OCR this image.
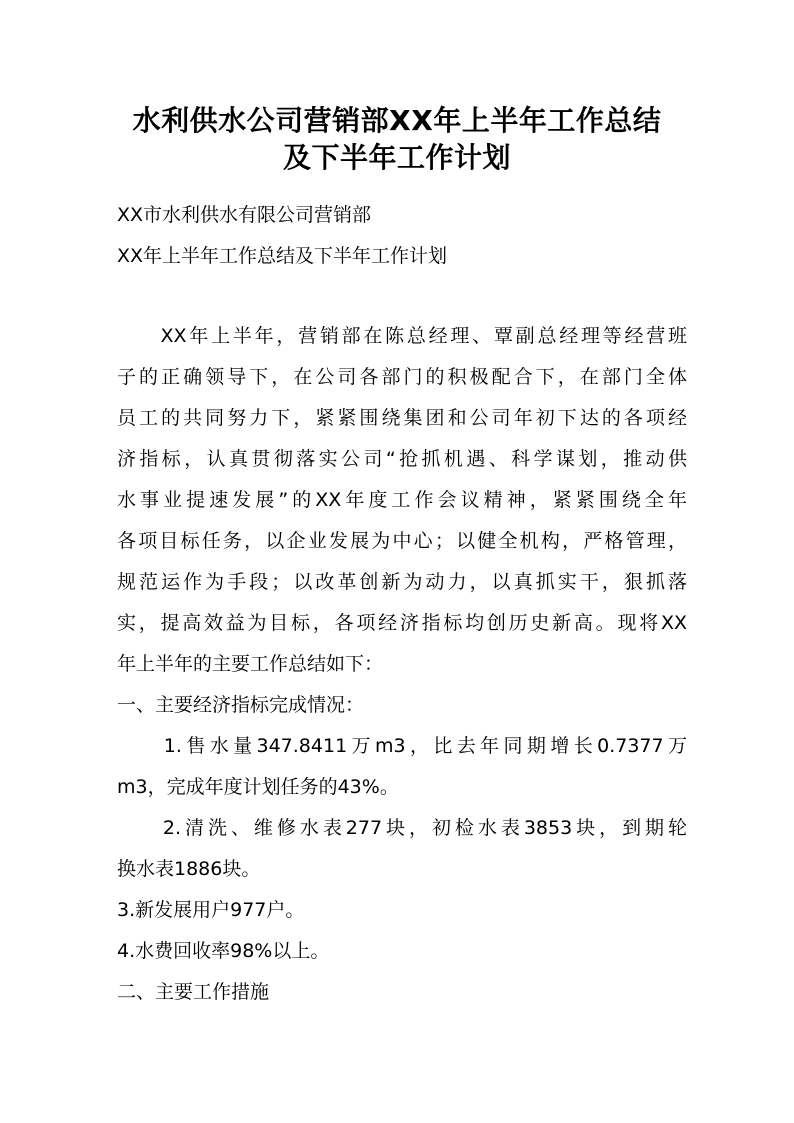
水利供水公司营销部XX年上半年工作总结
及下半年工作计划

XX市水利供水有限公司营销部

XX年上半年工作总结及下半年工作计划

　　XX年上半年，营销部在陈总经理、覃副总经理等经营班

子的正确领导下，在公司各部门的积极配合下，在部门全体

员工的共同努力下，紧紧围绕集团和公司年初下达的各项经

济指标，认真贯彻落实公司“抢抓机遇、科学谋划，推动供

水事业提速发展”的XX年度工作会议精神，紧紧围绕全年

各项目标任务，以企业发展为中心；以健全机构，严格管理，

规范运作为手段；以改革创新为动力，以真抓实干，狠抓落

实，提高效益为目标，各项经济指标均创历史新高。现将XX

年上半年的主要工作总结如下：

一、主要经济指标完成情况：

　　1.售水量347.8411万m3，比去年同期增长0.7377万

m3，完成年度计划任务的43%。

　　2.清洗、维修水表277块，初检水表3853块，到期轮

换水表1886块。

3.新发展用户977户。

4.水费回收率98%以上。

二、主要工作措施
